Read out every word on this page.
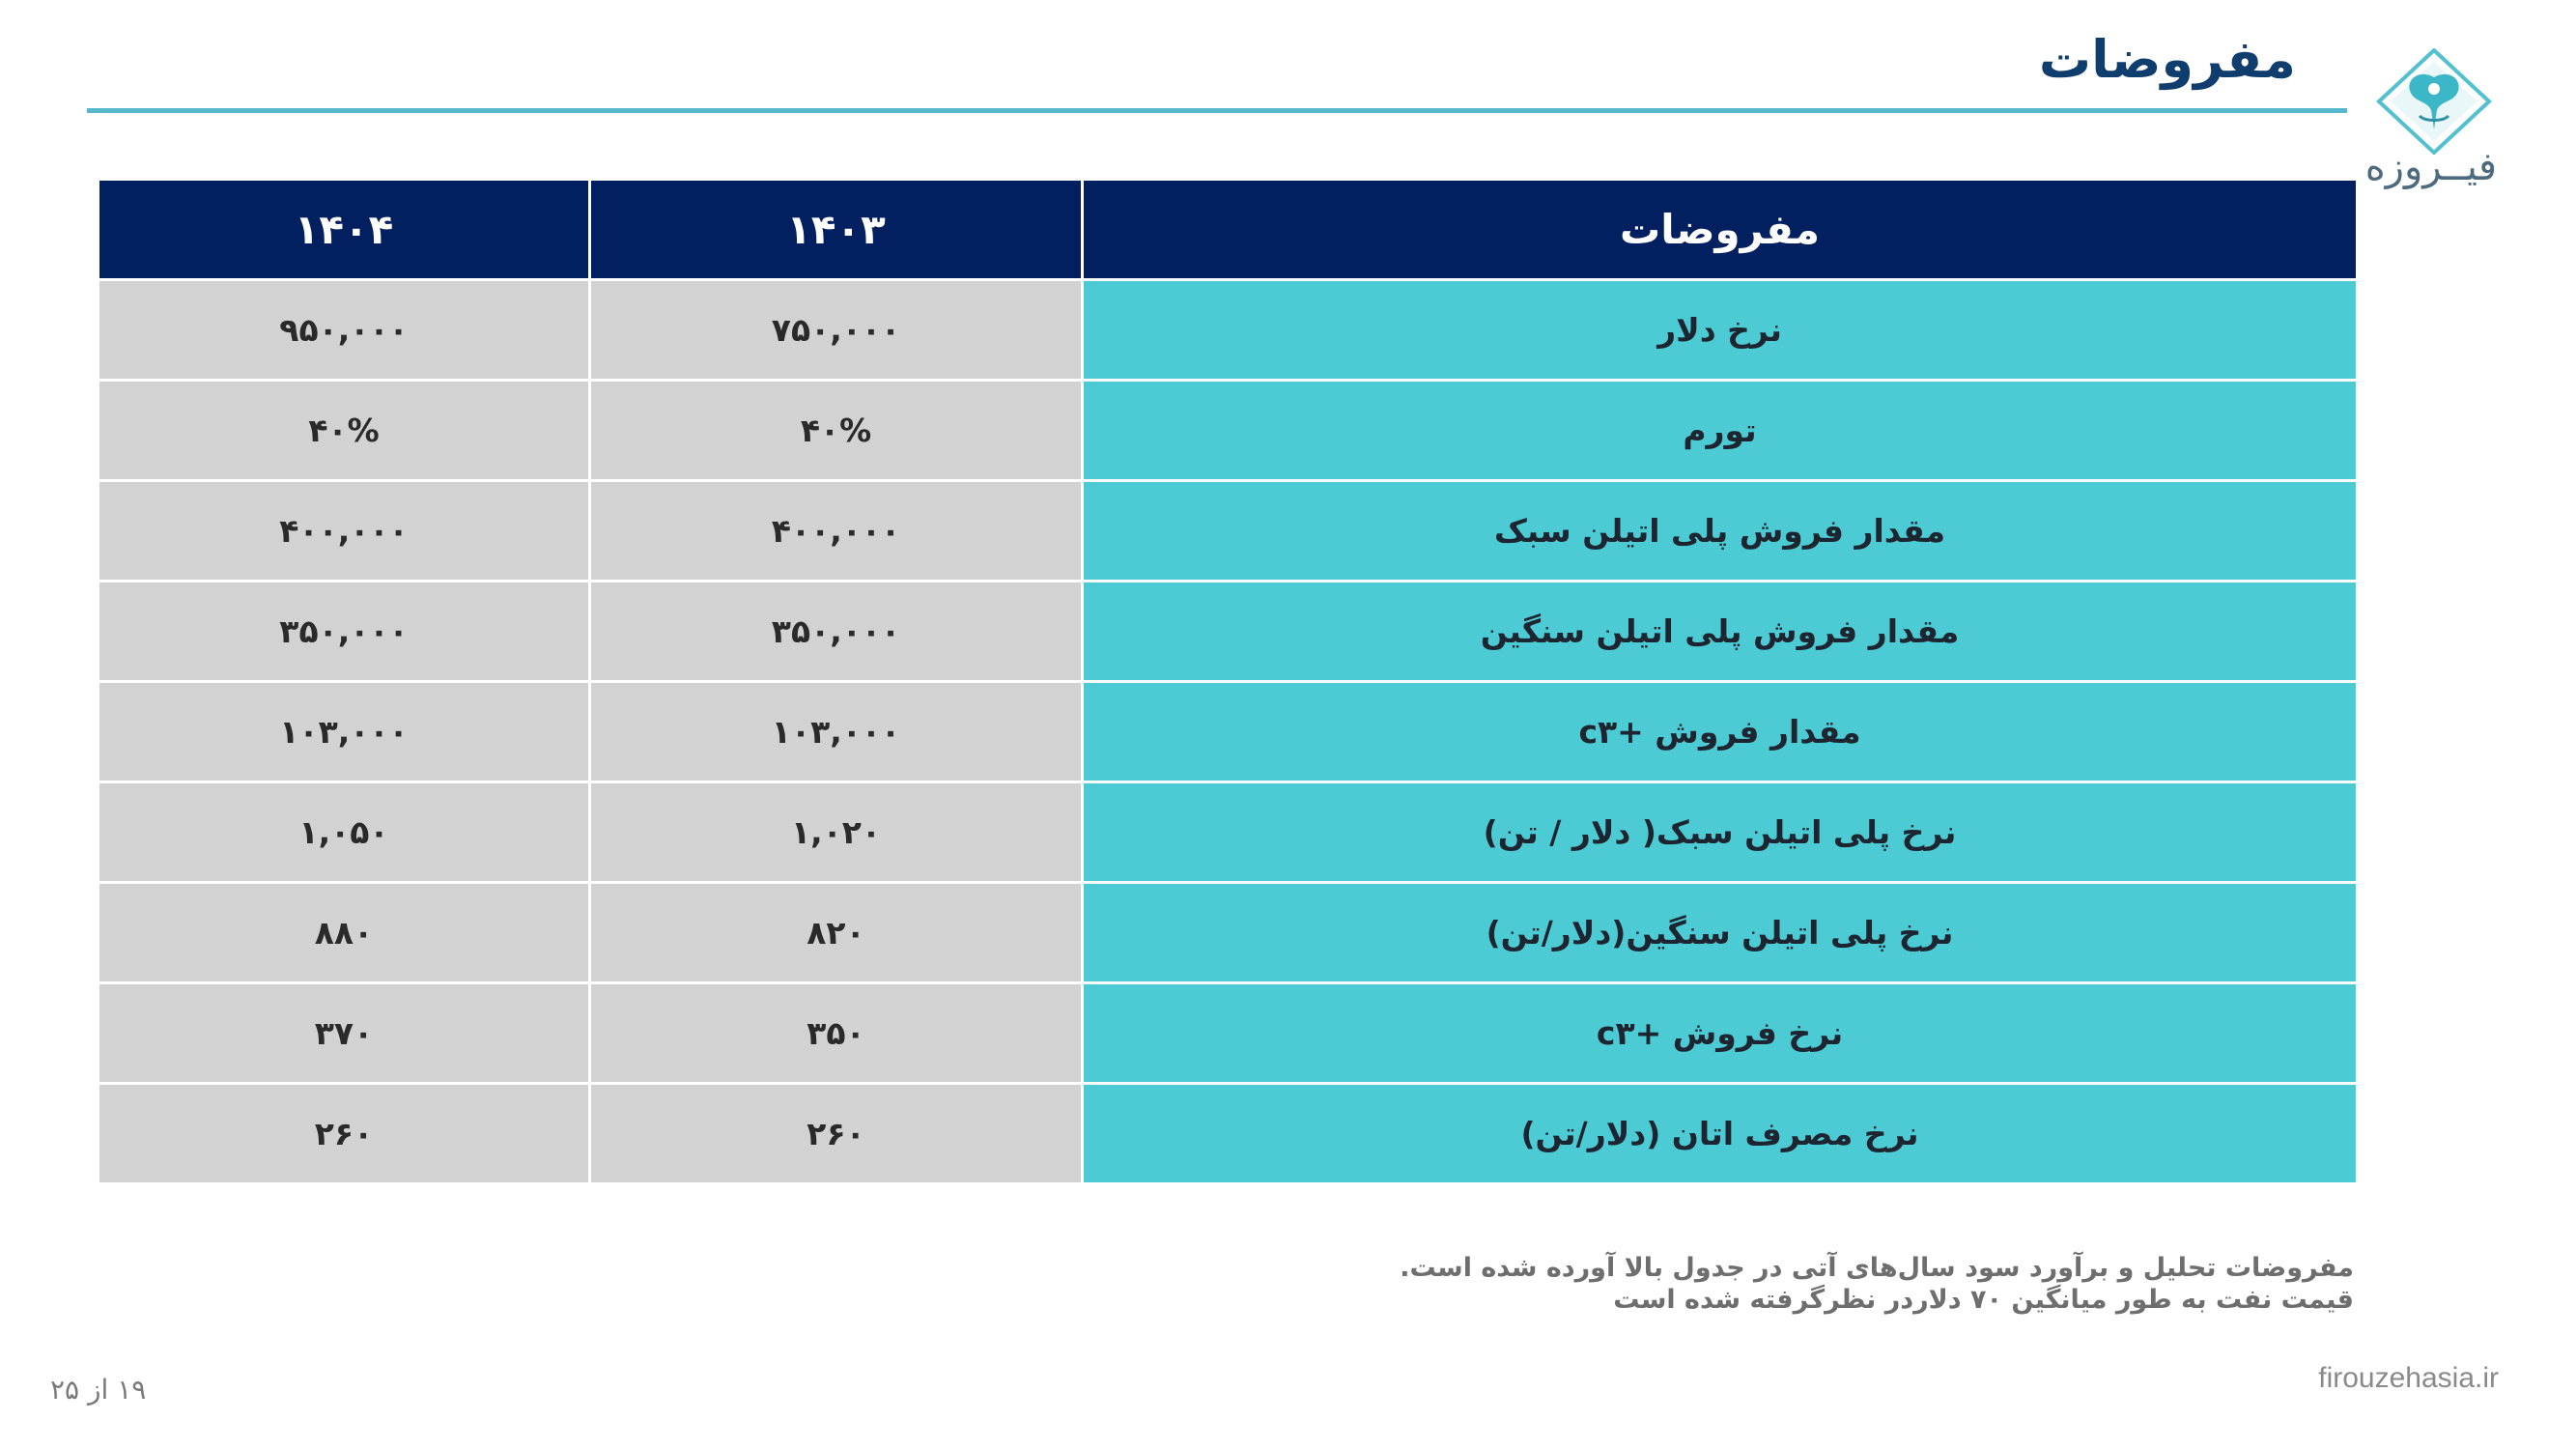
مفروضات
فیــروزه
مفروضات	۱۴۰۳	۱۴۰۴
نرخ دلار	۷۵۰,۰۰۰	۹۵۰,۰۰۰
تورم	۴۰%	۴۰%
مقدار فروش پلی اتیلن سبک	۴۰۰,۰۰۰	۴۰۰,۰۰۰
مقدار فروش پلی اتیلن سنگین	۳۵۰,۰۰۰	۳۵۰,۰۰۰
مقدار فروش +c۳	۱۰۳,۰۰۰	۱۰۳,۰۰۰
نرخ پلی اتیلن سبک( دلار / تن)	۱,۰۲۰	۱,۰۵۰
نرخ پلی اتیلن سنگین(دلار/تن)	۸۲۰	۸۸۰
نرخ فروش +c۳	۳۵۰	۳۷۰
نرخ مصرف اتان (دلار/تن)	۲۶۰	۲۶۰
مفروضات تحلیل و برآورد سود سال‌های آتی در جدول بالا آورده شده است.
قیمت نفت به طور میانگین ۷۰ دلاردر نظرگرفته شده است
۱۹ از ۲۵	firouzehasia.ir
